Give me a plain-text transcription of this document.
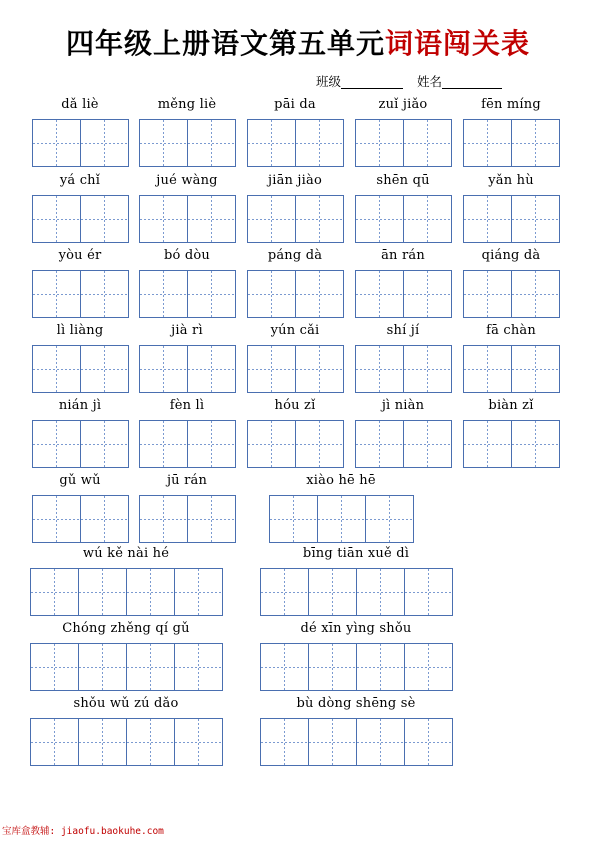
四年级上册语文第五单元词语闯关表
班级	姓名
dǎ liè	měng liè	pāi da	zuǐ jiǎo	fēn míng
yá chǐ	jué wàng	jiān jiào	shēn qū	yǎn hù
yòu ér	bó dòu	páng dà	ān rán	qiáng dà
lì liàng	jià rì	yún cǎi	shí jí	fā chàn
nián jì	fèn lì	hóu zǐ	jì niàn	biàn zǐ
gǔ wǔ	jū rán	xiào hē hē
wú kě nài hé	bīng tiān xuě dì
Chóng zhěng qí gǔ	dé xīn yìng shǒu
shǒu wǔ zú dǎo	bù dòng shēng sè
宝库盒教辅: jiaofu.baokuhe.com
